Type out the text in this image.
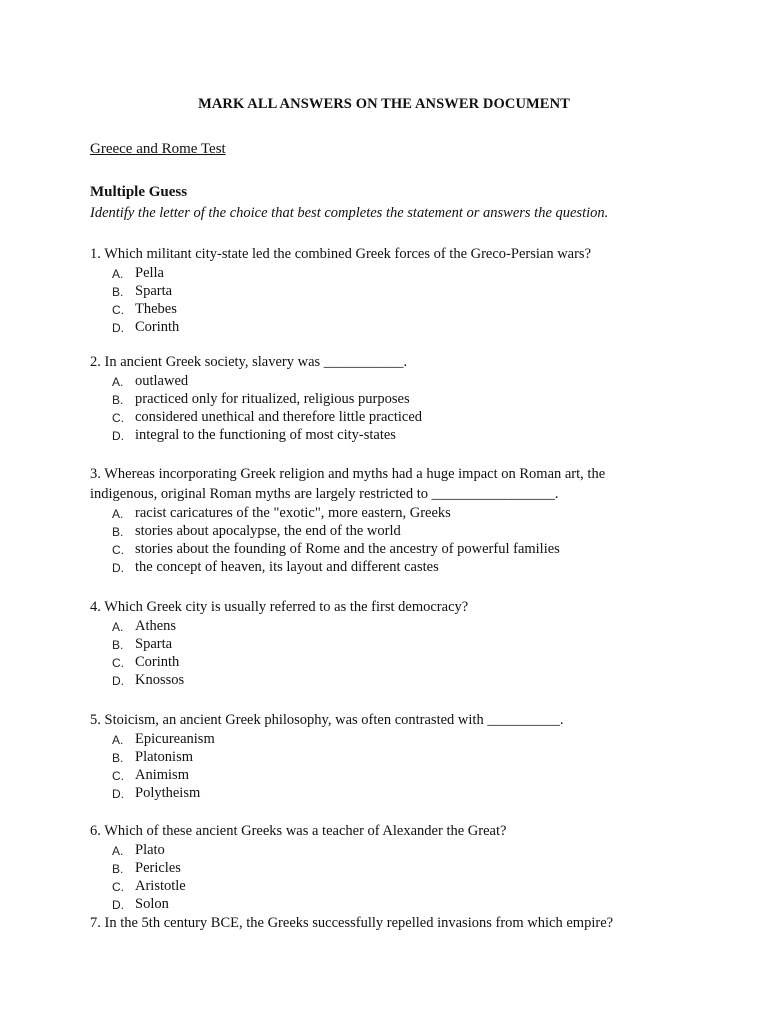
MARK ALL ANSWERS ON THE ANSWER DOCUMENT
Greece and Rome Test
Multiple Guess
Identify the letter of the choice that best completes the statement or answers the question.
1. Which militant city-state led the combined Greek forces of the Greco-Persian wars?
A. Pella
B. Sparta
C. Thebes
D. Corinth
2. In ancient Greek society, slavery was ___________.
A. outlawed
B. practiced only for ritualized, religious purposes
C. considered unethical and therefore little practiced
D. integral to the functioning of most city-states
3. Whereas incorporating Greek religion and myths had a huge impact on Roman art, the
indigenous, original Roman myths are largely restricted to _________________.
A. racist caricatures of the "exotic", more eastern, Greeks
B. stories about apocalypse, the end of the world
C. stories about the founding of Rome and the ancestry of powerful families
D. the concept of heaven, its layout and different castes
4. Which Greek city is usually referred to as the first democracy?
A. Athens
B. Sparta
C. Corinth
D. Knossos
5. Stoicism, an ancient Greek philosophy, was often contrasted with __________.
A. Epicureanism
B. Platonism
C. Animism
D. Polytheism
6. Which of these ancient Greeks was a teacher of Alexander the Great?
A. Plato
B. Pericles
C. Aristotle
D. Solon
7. In the 5th century BCE, the Greeks successfully repelled invasions from which empire?
